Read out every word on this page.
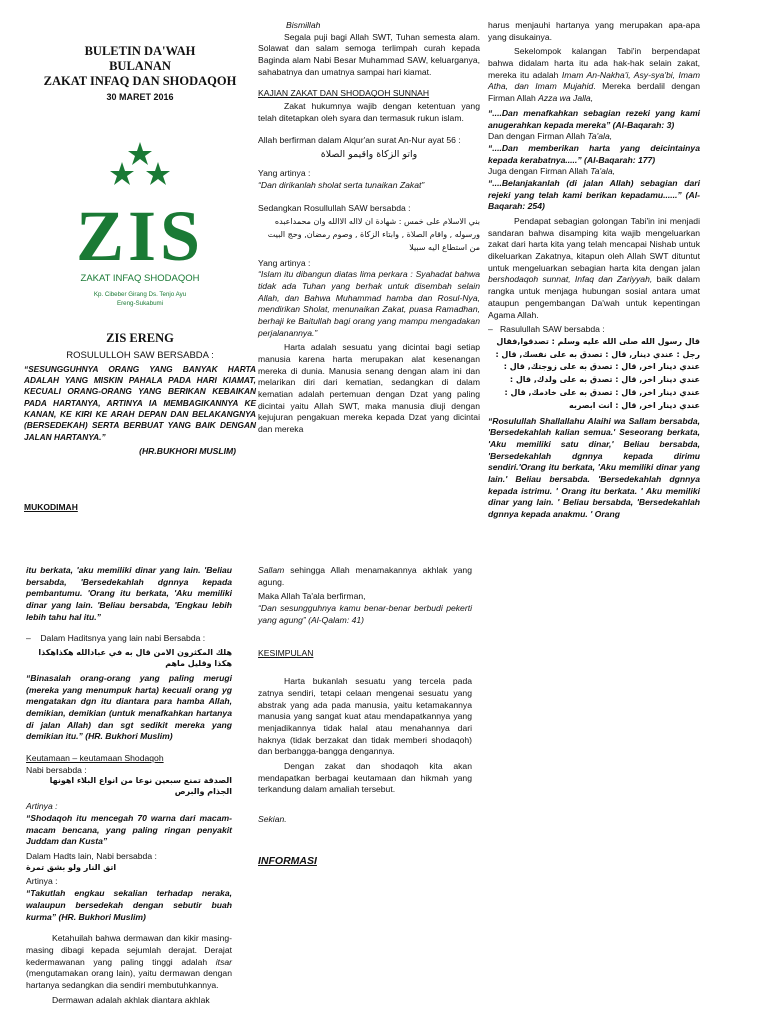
BULETIN DA'WAH
BULANAN
ZAKAT INFAQ DAN SHODAQOH
30 MARET 2016
ZIS
ZAKAT INFAQ SHODAQOH
Kp. Cibeber Girang Ds. Tenjo Ayu
Ereng-Sukabumi
ZIS ERENG

ROSULULLOH SAW BERSABDA :

“SESUNGGUHNYA ORANG YANG BANYAK HARTA ADALAH YANG MISKIN PAHALA PADA HARI KIAMAT, KECUALI ORANG-ORANG YANG BERIKAN KEBAIKAN PADA HARTANYA, ARTINYA IA MEMBAGIKANNYA KE KANAN, KE KIRI KE ARAH DEPAN DAN BELAKANGNYA (BERSEDEKAH) SERTA BERBUAT YANG BAIK DENGAN JALAN HARTANYA.”

(HR.BUKHORI MUSLIM)

MUKODIMAH

Bismillah

Segala puji bagi Allah SWT, Tuhan semesta alam. Solawat dan salam semoga terlimpah curah kepada Baginda alam Nabi Besar Muhammad SAW, keluarganya, sahabatnya dan umatnya sampai hari kiamat.

KAJIAN ZAKAT DAN SHODAQOH SUNNAH

Zakat hukumnya wajib dengan ketentuan yang telah ditetapkan oleh syara dan termasuk rukun islam.

Allah berfirman dalam Alqur'an surat An-Nur ayat 56 :

واتو الزكاة واقيمو الصلاة

Yang artinya :

“Dan dirikanlah sholat serta tunaikan Zakat”

Sedangkan Rosullullah SAW bersabda :

بني الاسلام على خمس : شهادة ان لااله الاالله وان محمداعبده ورسوله , واقام الصلاة , وابتاء الزكاة , وصوم رمضان, وحج البيت من استطاع اليه سبيلا

Yang artinya :

“Islam itu dibangun diatas lima perkara : Syahadat bahwa tidak ada Tuhan yang berhak untuk disembah selain Allah, dan Bahwa Muhammad hamba dan Rosul-Nya, mendirikan Sholat, menunaikan Zakat, puasa Ramadhan, berhaji ke Baitullah bagi orang yang mampu mengadakan perjalanannya.”

Harta adalah sesuatu yang dicintai bagi setiap manusia karena harta merupakan alat kesenangan mereka di dunia. Manusia senang dengan alam ini dan melarikan diri dari kematian, sedangkan di dalam kematian adalah pertemuan dengan Dzat yang paling dicintai yaitu Allah SWT, maka manusia diuji dengan kejujuran pengakuan mereka kepada Dzat yang dicintai dan mereka

harus menjauhi hartanya yang merupakan apa-apa yang disukainya.

Sekelompok kalangan Tabi'in berpendapat bahwa didalam harta itu ada hak-hak selain zakat, mereka itu adalah Imam An-Nakha'i, Asy-sya'bi, Imam Atha, dan Imam Mujahid. Mereka berdalil dengan Firman Allah Azza wa Jalla,

“....Dan menafkahkan sebagian rezeki yang kami anugerahkan kepada mereka” (Al-Baqarah: 3)

Dan dengan Firman Allah Ta'ala,

“....Dan memberikan harta yang deicintainya kepada kerabatnya.....” (Al-Baqarah: 177)

Juga dengan Firman Allah Ta'ala,

“....Belanjakanlah (di jalan Allah) sebagian dari rejeki yang telah kami berikan kepadamu......” (Al-Baqarah: 254)

Pendapat sebagian golongan Tabi'in ini menjadi sandaran bahwa disamping kita wajib mengeluarkan zakat dari harta kita yang telah mencapai Nishab untuk dikeluarkan Zakatnya, kitapun oleh Allah SWT dituntut untuk mengeluarkan sebagian harta kita dengan jalan bershodaqoh sunnat, Infaq dan Zariyyah, baik dalam rangka untuk menjaga hubungan sosial antara umat ataupun pengembangan Da'wah untuk kepentingan Agama Allah.

–   Rasulullah SAW bersabda :

قال رسول الله صلى الله عليه وسلم : تصدقوا,فقال رجل : عندي دينار, قال : تصدق به على نفسك, قال : عندي دينار اخر, قال : تصدق به على زوجتك, قال : عندي دينار اخر, قال : تصدق به على ولدك, قال : عندي دينار اخر, قال : تصدق به على خادمك, قال : عندي دينار اخر, قال : انت ابصربه

“Rosulullah Shallallahu Alaihi wa Sallam bersabda, 'Bersedekahlah kalian semua.' Seseorang berkata, 'Aku memiliki satu dinar,' Beliau bersabda, 'Bersedekahlah dgnnya kepada dirimu sendiri.'Orang itu berkata, 'Aku memiliki dinar yang lain.' Beliau bersabda. 'Bersedekahlah dgnnya kepada istrimu. ' Orang itu berkata. ' Aku memiliki dinar yang lain. ' Beliau bersabda, 'Bersedekahlah dgnnya kepada anakmu. ' Orang

itu berkata, 'aku memiliki dinar yang lain. 'Beliau bersabda, 'Bersedekahlah dgnnya kepada pembantumu. 'Orang itu berkata, 'Aku memiliki dinar yang lain. 'Beliau bersabda, 'Engkau lebih lebih tahu hal itu.”

–    Dalam Haditsnya yang lain nabi Bersabda :

هلك المكثرون الامن قال به في عبادالله هكذاهكذا هكذا وقليل ماهم

“Binasalah orang-orang yang paling merugi (mereka yang menumpuk harta) kecuali orang yg mengatakan dgn itu diantara para hamba Allah, demikian, demikian (untuk menafkahkan hartanya di jalan Allah) dan sgt sedikit mereka yang demikian itu.” (HR. Bukhori Muslim)

Keutamaan – keutamaan Shodaqoh

Nabi bersabda :

الصدقة تمنع سبعين نوعا من انواع البلاء اهونها الجذام والبرص

Artinya :

“Shodaqoh itu mencegah 70 warna dari macam-macam bencana, yang paling ringan penyakit Juddam dan Kusta”

Dalam Hadts lain, Nabi bersabda :

اتق النار ولو بشق تمرة

Artinya :

“Takutlah engkau sekalian terhadap neraka, walaupun bersedekah dengan sebutir buah kurma” (HR. Bukhori Muslim)

Ketahuilah bahwa dermawan dan kikir masing-masing dibagi kepada sejumlah derajat. Derajat kedermawanan yang paling tinggi adalah itsar (mengutamakan orang lain), yaitu dermawan dengan hartanya sedangkan dia sendiri membutuhkannya.

Dermawan adalah akhlak diantara akhlak

Sallam sehingga Allah menamakannya akhlak yang agung.

Maka Allah Ta'ala berfirman,

“Dan sesungguhnya kamu benar-benar berbudi pekerti yang agung” (Al-Qalam: 41)

KESIMPULAN

Harta bukanlah sesuatu yang tercela pada zatnya sendiri, tetapi celaan mengenai sesuatu yang abstrak yang ada pada manusia, yaitu ketamakannya manusia yang sangat kuat atau mendapatkannya yang menjadikannya tidak halal atau menahannya dari haknya (tidak berzakat dan tidak memberi shodaqoh) dan berbangga-bangga dengannya.

Dengan zakat dan shodaqoh kita akan mendapatkan berbagai keutamaan dan hikmah yang terkandung dalam amaliah tersebut.

Sekian.

INFORMASI
